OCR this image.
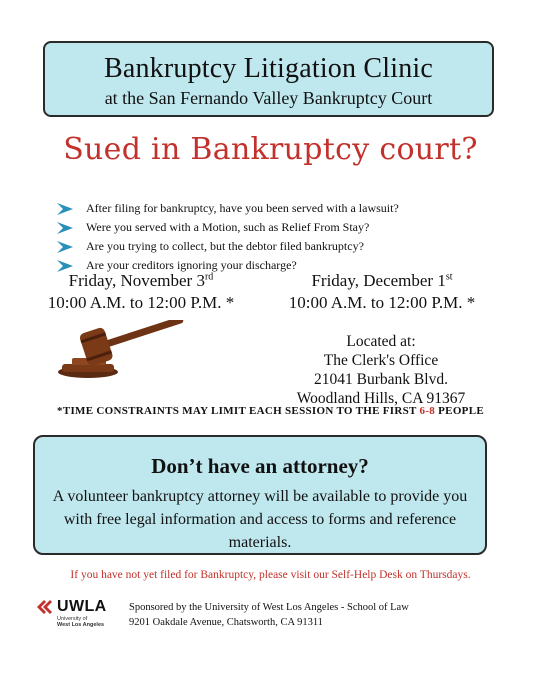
Bankruptcy Litigation Clinic
at the San Fernando Valley Bankruptcy Court
Sued in Bankruptcy court?
After filing for bankruptcy, have you been served with a lawsuit?
Were you served with a Motion, such as Relief From Stay?
Are you trying to collect, but the debtor filed bankruptcy?
Are your creditors ignoring your discharge?
Friday, November 3rd
10:00 A.M. to 12:00 P.M. *
Friday, December 1st
10:00 A.M. to 12:00 P.M. *
Located at:
The Clerk's Office
21041 Burbank Blvd.
Woodland Hills, CA 91367
*TIME CONSTRAINTS MAY LIMIT EACH SESSION TO THE FIRST 6-8 PEOPLE
Don’t have an attorney?
A volunteer bankruptcy attorney will be available to provide you with free legal information and access to forms and reference materials.
If you have not yet filed for Bankruptcy, please visit our Self-Help Desk on Thursdays.
UWLA
University of
West Los Angeles
Sponsored by the University of West Los Angeles - School of Law
9201 Oakdale Avenue, Chatsworth, CA 91311
